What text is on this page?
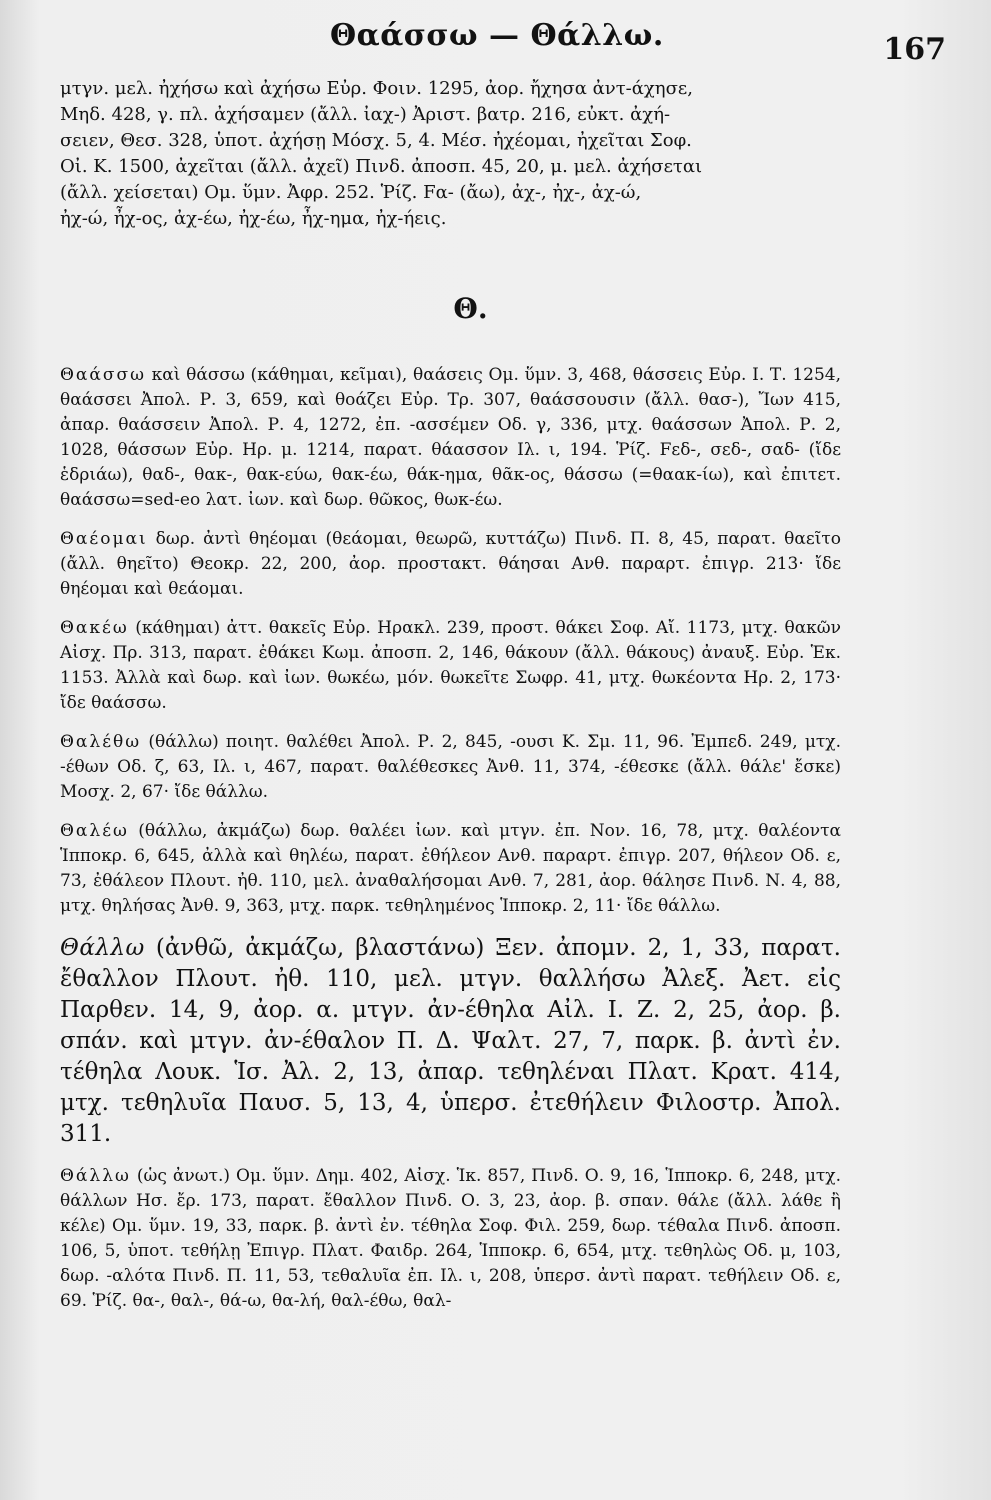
Θαάσσω — Θάλλω.	167
μτγν. μελ. ἠχήσω καὶ ἀχήσω Εὐρ. Φοιν. 1295, ἀορ. ἤχησα ἀντ-άχησε,
Μηδ. 428, γ. πλ. ἀχήσαμεν (ἄλλ. ἰαχ-) Ἀριστ. βατρ. 216, εὐκτ. ἀχή-
σειεν, Θεσ. 328, ὑποτ. ἀχήσῃ Μόσχ. 5, 4. Μέσ. ἠχέομαι, ἠχεῖται Σοφ.
Οἰ. Κ. 1500, ἀχεῖται (ἄλλ. ἀχεῖ) Πινδ. ἀποσπ. 45, 20, μ. μελ. ἀχήσεται
(ἄλλ. χείσεται) Ομ. ὕμν. Ἀφρ. 252. Ῥίζ. Fα- (ἄω), ἀχ-, ἠχ-, ἀχ-ώ,
ἠχ-ώ, ἦχ-ος, ἀχ-έω, ἠχ-έω, ἦχ-ημα, ἠχ-ήεις.
Θ.

Θαάσσω καὶ θάσσω (κάθημαι, κεῖμαι), θαάσεις Ομ. ὕμν. 3, 468, θάσσεις Εὐρ. Ι. Τ. 1254, θαάσσει Ἀπολ. Ρ. 3, 659, καὶ θοάζει Εὐρ. Τρ. 307, θαάσσουσιν (ἄλλ. θασ-), Ἴων 415, ἀπαρ. θαάσσειν Ἀπολ. Ρ. 4, 1272, ἐπ. -ασσέμεν Οδ. γ, 336, μτχ. θαάσσων Ἀπολ. Ρ. 2, 1028, θάσσων Εὐρ. Ηρ. μ. 1214, παρατ. θάασσον Ιλ. ι, 194. Ῥίζ. Fεδ-, σεδ-, σαδ- (ἴδε ἑδριάω), θαδ-, θακ-, θακ-εύω, θακ-έω, θάκ-ημα, θᾶκ-ος, θάσσω (=θαακ-ίω), καὶ ἐπιτετ. θαάσσω=sed-eo λατ. ἰων. καὶ δωρ. θῶκος, θωκ-έω.

Θαέομαι δωρ. ἀντὶ θηέομαι (θεάομαι, θεωρῶ, κυττάζω) Πινδ. Π. 8, 45, παρατ. θαεῖτο (ἄλλ. θηεῖτο) Θεοκρ. 22, 200, ἀορ. προστακτ. θάησαι Ανθ. παραρτ. ἐπιγρ. 213· ἴδε θηέομαι καὶ θεάομαι.

Θακέω (κάθημαι) ἀττ. θακεῖς Εὐρ. Ηρακλ. 239, προστ. θάκει Σοφ. Αἴ. 1173, μτχ. θακῶν Αἰσχ. Πρ. 313, παρατ. ἐθάκει Κωμ. ἀποσπ. 2, 146, θάκουν (ἄλλ. θάκους) ἀναυξ. Εὐρ. Ἑκ. 1153. Ἀλλὰ καὶ δωρ. καὶ ἰων. θωκέω, μόν. θωκεῖτε Σωφρ. 41, μτχ. θωκέοντα Ηρ. 2, 173· ἴδε θαάσσω.

Θαλέθω (θάλλω) ποιητ. θαλέθει Ἀπολ. Ρ. 2, 845, -ουσι Κ. Σμ. 11, 96. Ἐμπεδ. 249, μτχ. -έθων Οδ. ζ, 63, Ιλ. ι, 467, παρατ. θαλέθεσκες Ἀνθ. 11, 374, -έθεσκε (ἄλλ. θάλε' ἔσκε) Μοσχ. 2, 67· ἴδε θάλλω.

Θαλέω (θάλλω, ἀκμάζω) δωρ. θαλέει ἰων. καὶ μτγν. ἐπ. Νον. 16, 78, μτχ. θαλέοντα Ἱπποκρ. 6, 645, ἀλλὰ καὶ θηλέω, παρατ. ἐθήλεον Ανθ. παραρτ. ἐπιγρ. 207, θήλεον Οδ. ε, 73, ἐθάλεον Πλουτ. ἠθ. 110, μελ. ἀναθαλήσομαι Ανθ. 7, 281, ἀορ. θάλησε Πινδ. Ν. 4, 88, μτχ. θηλήσας Ἀνθ. 9, 363, μτχ. παρκ. τεθηλημένος Ἱπποκρ. 2, 11· ἴδε θάλλω.

Θάλλω (ἀνθῶ, ἀκμάζω, βλαστάνω) Ξεν. ἀπομν. 2, 1, 33, παρατ. ἔθαλλον Πλουτ. ἠθ. 110, μελ. μτγν. θαλλήσω Ἀλεξ. Ἀετ. εἰς Παρθεν. 14, 9, ἀορ. α. μτγν. ἀν-έθηλα Αἰλ. Ι. Ζ. 2, 25, ἀορ. β. σπάν. καὶ μτγν. ἀν-έθαλον Π. Δ. Ψαλτ. 27, 7, παρκ. β. ἀντὶ ἐν. τέθηλα Λουκ. Ἱσ. Ἀλ. 2, 13, ἀπαρ. τεθηλέναι Πλατ. Κρατ. 414, μτχ. τεθηλυῖα Παυσ. 5, 13, 4, ὑπερσ. ἐτεθήλειν Φιλοστρ. Ἀπολ. 311.

Θάλλω (ὡς ἀνωτ.) Ομ. ὕμν. Δημ. 402, Αἰσχ. Ἱκ. 857, Πινδ. Ο. 9, 16, Ἱπποκρ. 6, 248, μτχ. θάλλων Ησ. ἔρ. 173, παρατ. ἔθαλλον Πινδ. Ο. 3, 23, ἀορ. β. σπαν. θάλε (ἄλλ. λάθε ἢ κέλε) Ομ. ὕμν. 19, 33, παρκ. β. ἀντὶ ἐν. τέθηλα Σοφ. Φιλ. 259, δωρ. τέθαλα Πινδ. ἀποσπ. 106, 5, ὑποτ. τεθήλῃ Ἐπιγρ. Πλατ. Φαιδρ. 264, Ἱπποκρ. 6, 654, μτχ. τεθηλὼς Οδ. μ, 103, δωρ. -αλότα Πινδ. Π. 11, 53, τεθαλυῖα ἐπ. Ιλ. ι, 208, ὑπερσ. ἀντὶ παρατ. τεθήλειν Οδ. ε, 69. Ῥίζ. θα-, θαλ-, θά-ω, θα-λή, θαλ-έθω, θαλ-
